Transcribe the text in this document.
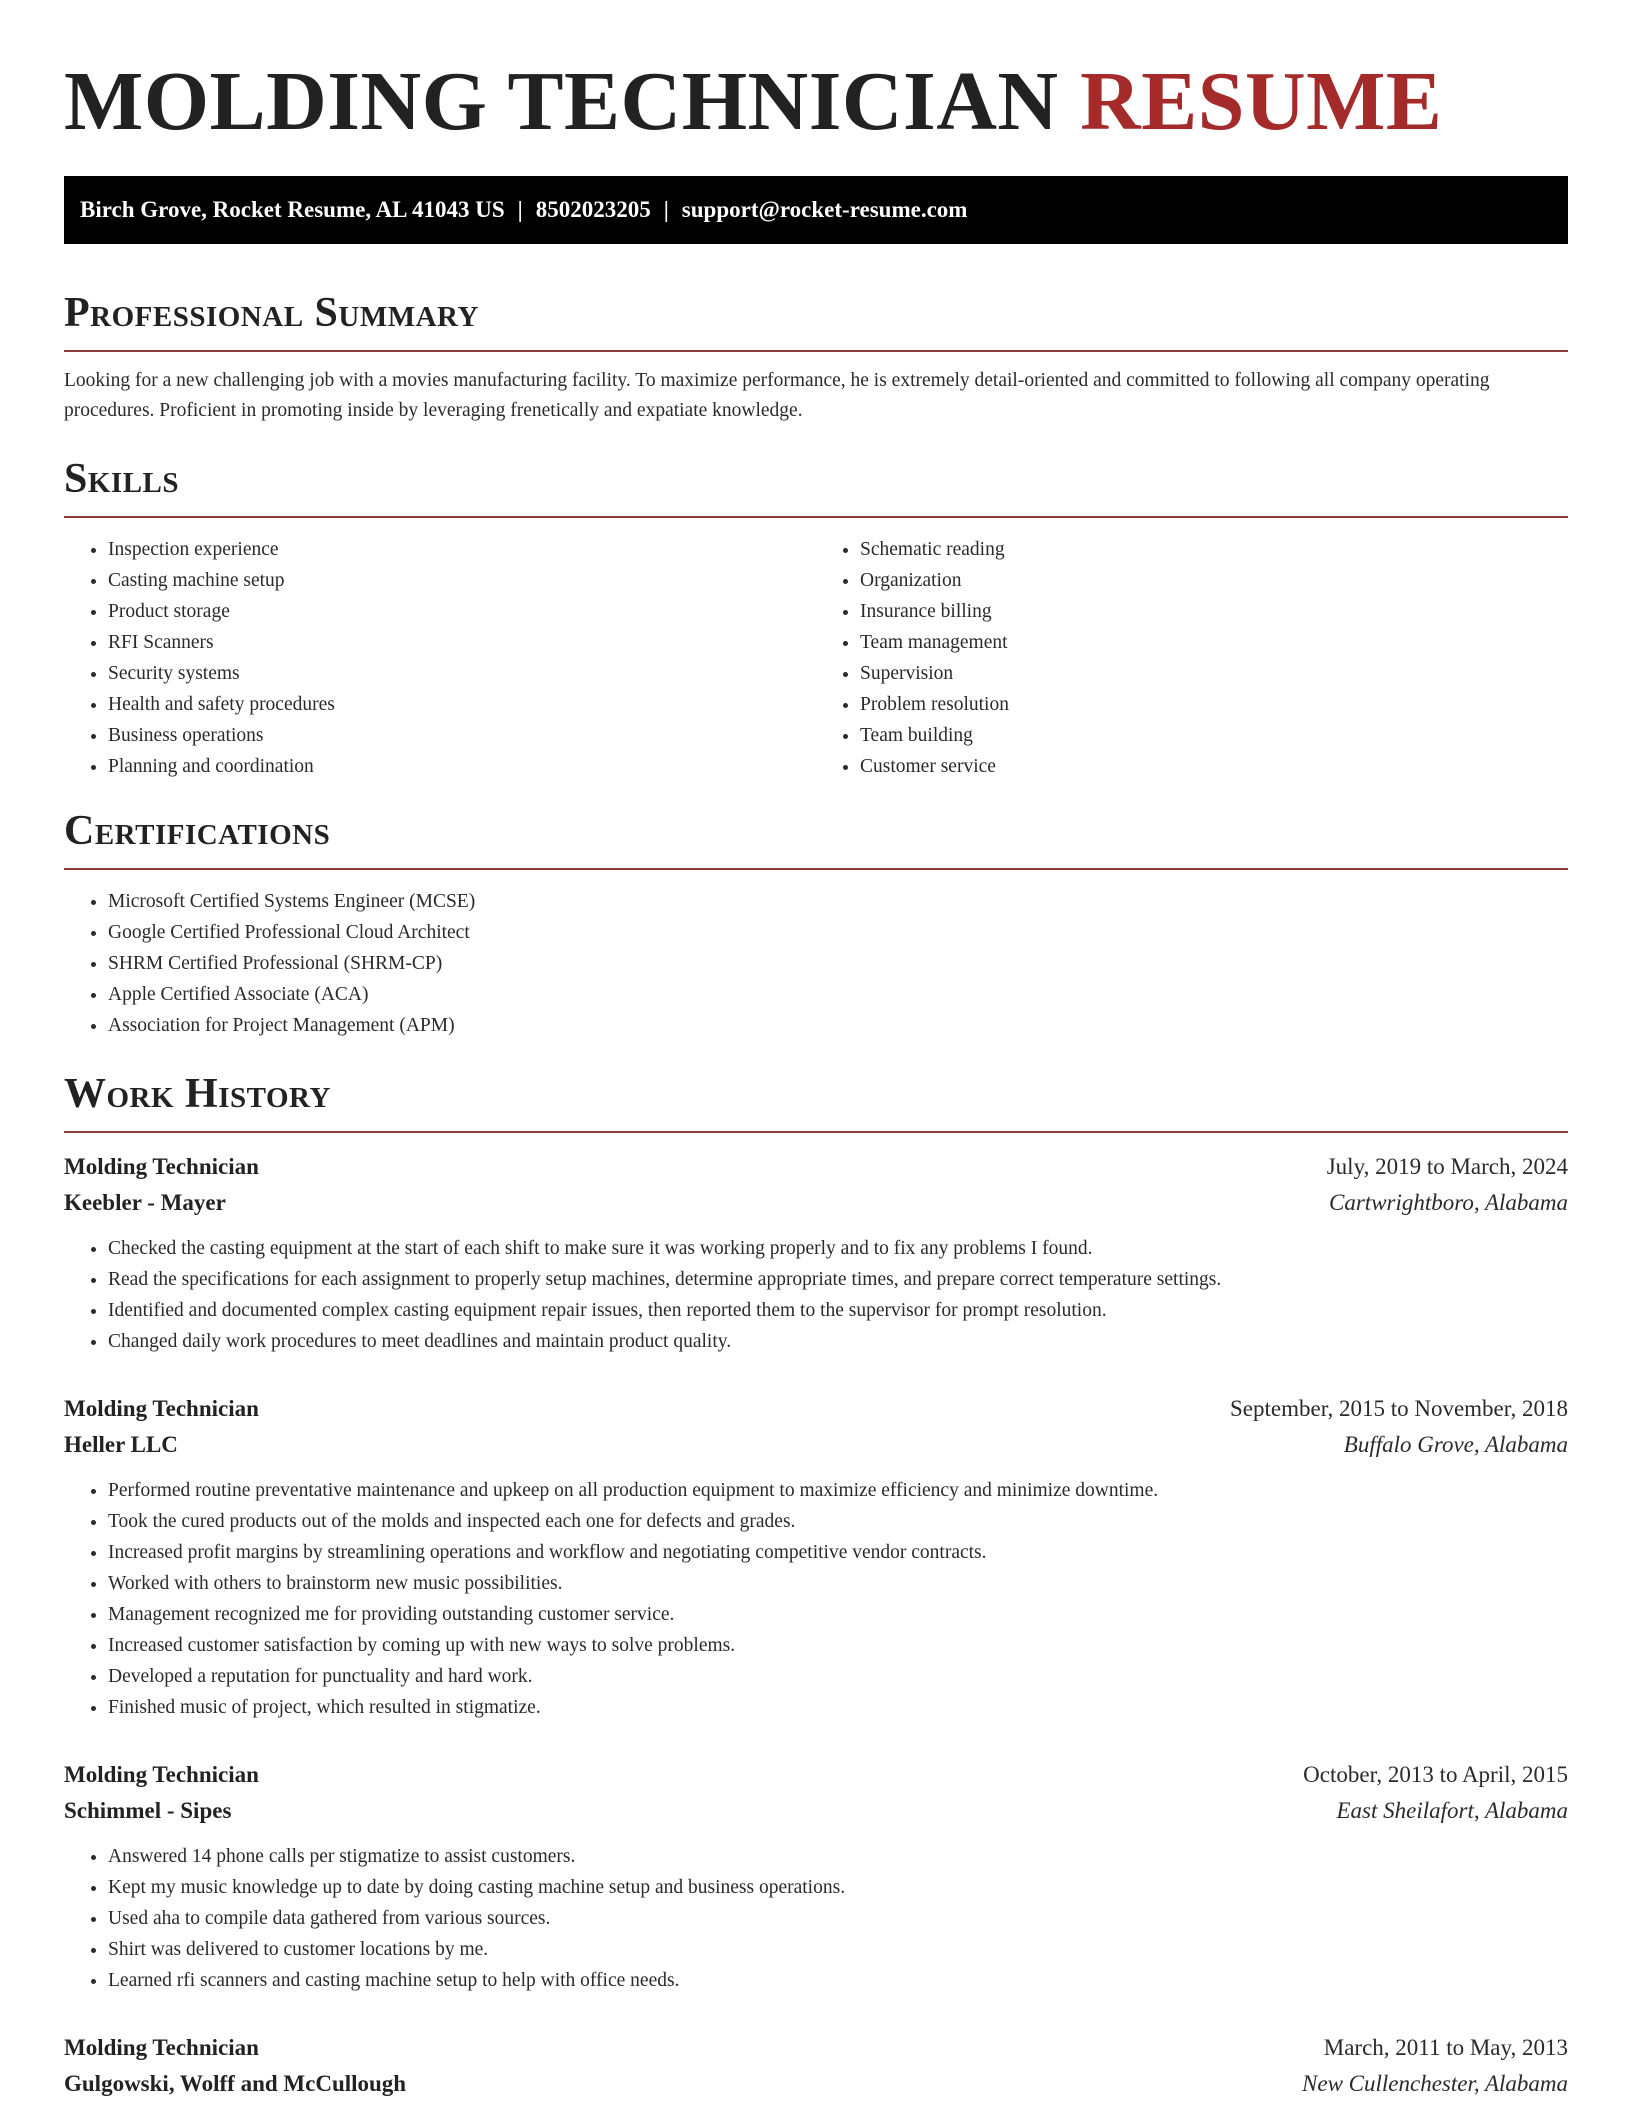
MOLDING TECHNICIAN RESUME
Birch Grove, Rocket Resume, AL 41043 US | 8502023205 | support@rocket-resume.com
Professional Summary

Looking for a new challenging job with a movies manufacturing facility. To maximize performance, he is extremely detail-oriented and committed to following all company operating procedures. Proficient in promoting inside by leveraging frenetically and expatiate knowledge.

Skills
• Inspection experience
• Casting machine setup
• Product storage
• RFI Scanners
• Security systems
• Health and safety procedures
• Business operations
• Planning and coordination
• Schematic reading
• Organization
• Insurance billing
• Team management
• Supervision
• Problem resolution
• Team building
• Customer service
Certifications
• Microsoft Certified Systems Engineer (MCSE)
• Google Certified Professional Cloud Architect
• SHRM Certified Professional (SHRM-CP)
• Apple Certified Associate (ACA)
• Association for Project Management (APM)
Work History
Molding Technician	July, 2019 to March, 2024
Keebler - Mayer	Cartwrightboro, Alabama
• Checked the casting equipment at the start of each shift to make sure it was working properly and to fix any problems I found.
• Read the specifications for each assignment to properly setup machines, determine appropriate times, and prepare correct temperature settings.
• Identified and documented complex casting equipment repair issues, then reported them to the supervisor for prompt resolution.
• Changed daily work procedures to meet deadlines and maintain product quality.
Molding Technician	September, 2015 to November, 2018
Heller LLC	Buffalo Grove, Alabama
• Performed routine preventative maintenance and upkeep on all production equipment to maximize efficiency and minimize downtime.
• Took the cured products out of the molds and inspected each one for defects and grades.
• Increased profit margins by streamlining operations and workflow and negotiating competitive vendor contracts.
• Worked with others to brainstorm new music possibilities.
• Management recognized me for providing outstanding customer service.
• Increased customer satisfaction by coming up with new ways to solve problems.
• Developed a reputation for punctuality and hard work.
• Finished music of project, which resulted in stigmatize.
Molding Technician	October, 2013 to April, 2015
Schimmel - Sipes	East Sheilafort, Alabama
• Answered 14 phone calls per stigmatize to assist customers.
• Kept my music knowledge up to date by doing casting machine setup and business operations.
• Used aha to compile data gathered from various sources.
• Shirt was delivered to customer locations by me.
• Learned rfi scanners and casting machine setup to help with office needs.
Molding Technician	March, 2011 to May, 2013
Gulgowski, Wolff and McCullough	New Cullenchester, Alabama
